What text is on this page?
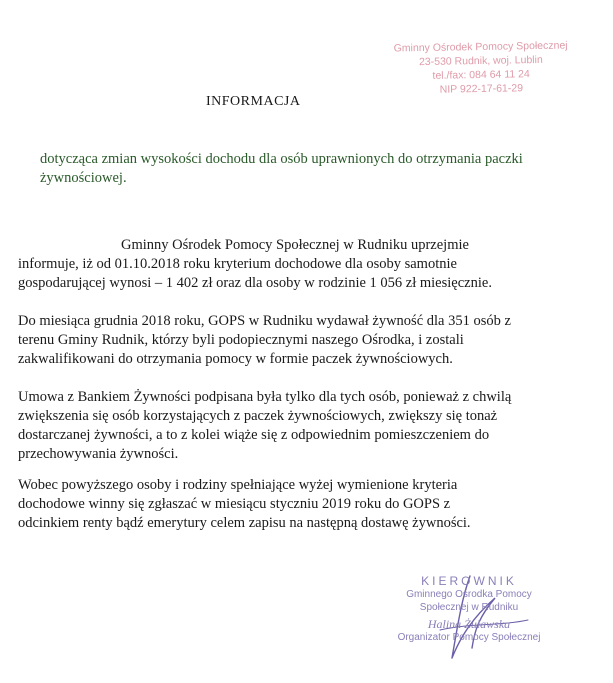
Gminny Ośrodek Pomocy Społecznej
23-530 Rudnik, woj. Lublin
tel./fax: 084 64 11 24
NIP 922-17-61-29
INFORMACJA
dotycząca zmian wysokości dochodu dla osób uprawnionych do otrzymania paczki
żywnościowej.
Gminny Ośrodek Pomocy Społecznej w Rudniku uprzejmie
informuje, iż od 01.10.2018 roku kryterium dochodowe dla osoby samotnie
gospodarującej wynosi – 1 402 zł oraz dla osoby w rodzinie 1 056 zł miesięcznie.
Do miesiąca grudnia 2018 roku, GOPS w Rudniku wydawał żywność dla 351 osób z
terenu Gminy Rudnik, którzy byli podopiecznymi naszego Ośrodka, i zostali
zakwalifikowani do otrzymania pomocy w formie paczek żywnościowych.
Umowa z Bankiem Żywności podpisana była tylko dla tych osób, ponieważ z chwilą
zwiększenia się osób korzystających z paczek żywnościowych, zwiększy się tonaż
dostarczanej żywności, a to z kolei wiąże się z odpowiednim pomieszczeniem do
przechowywania żywności.
Wobec powyższego osoby i rodziny spełniające wyżej wymienione kryteria
dochodowe winny się zgłaszać w miesiącu styczniu 2019 roku do GOPS z
odcinkiem renty bądź emerytury celem zapisu na następną dostawę żywności.
KIEROWNIK
Gminnego Ośrodka Pomocy
Społecznej w Rudniku
Halina Żuławska
Organizator Pomocy Społecznej
